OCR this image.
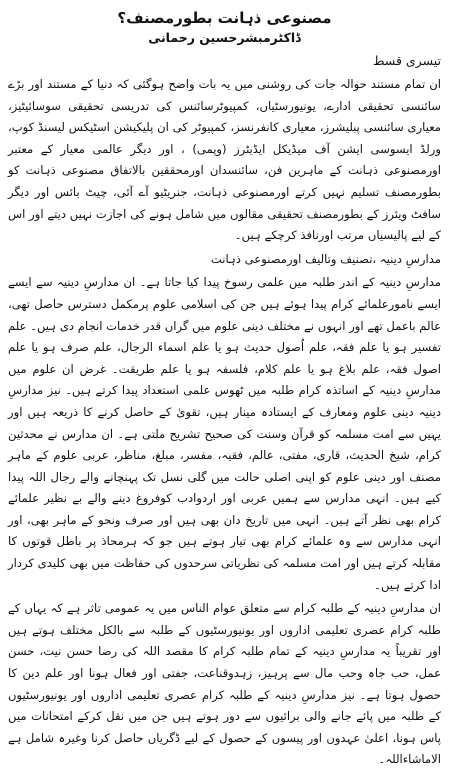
مصنوعی ذہانت بطورمصنف؟
ڈاکٹرمبشرحسین رحمانی
تیسری قسط

ان تمام مستند حوالہ جات کی روشنی میں یہ بات واضح ہوگئی کہ دنیا کے مستند اور بڑے سائنسی تحقیقی ادارے، یونیورسٹیاں، کمپیوٹرسائنس کی تدریسی تحقیقی سوسائیٹیز، معیاری سائنسی پبلیشرز، معیاری کانفرنسز، کمپیوٹر کی ان پلیکیشن اسٹیکس لیسنڈ کوپ، ورلڈ ایسوسی ایشن آف میڈیکل ایڈیٹرز (وپمی) ، اور دیگر عالمی معیار کے معتبر اورمصنوعی ذہانت کے ماہرین فن، سائنسدان اورمحققین بالاتفاق مصنوعی ذہانت کو بطورمصنف تسلیم نہیں کرتے اورمصنوعی ذہانت، جنریٹیو آے آئی، چیٹ بائس اور دیگر سافٹ ویئرز کے بطورمصنف تحقیقی مقالوں میں شامل ہونے کی اجازت نہیں دیتے اور اس کے لیے پالیسیاں مرتب اورنافذ کرچکے ہیں۔

مدارسِ دینیہ ،تصنیف وتالیف اورمصنوعی ذہانت

مدارسِ دینیہ کے اندر طلبہ میں علمی رسوخ پیدا کیا جاتا ہے۔ ان مدارسِ دینیہ سے ایسے ایسے نامورعلمائے کرام پیدا ہوئے ہیں جن کی اسلامی علوم پرمکمل دسترس حاصل تھی، عالم باعمل تھے اور انہوں نے مختلف دینی علوم میں گراں قدر خدمات انجام دی ہیں۔ علم تفسیر ہو یا علم فقہ، علم اُصول حدیث ہو یا علم اسماء الرجال، علم صرف ہو یا علم اصول فقہ، علم بلاغ ہو یا علم کلام، فلسفہ ہو یا علم طریقت۔ غرض ان علوم میں مدارسِ دینیہ کے اساتذہ کرام طلبہ میں ٹھوس علمی استعداد پیدا کرتے ہیں۔ نیز مدارسِ دینیہ دینی علوم ومعارف کے ایستادہ مینار ہیں، تقویٰ کے حاصل کرنے کا ذریعہ ہیں اور یہیں سے امت مسلمہ کو قرآن وسنت کی صحیح تشریح ملتی ہے۔ ان مدارس نے محدثین کرام، شیخ الحدیث، قاری، مفتی، عالم، فقیہ، مفسر، مبلغ، مناظر، عربی علوم کے ماہر مصنف اور دینی علوم کو اپنی اصلی حالت میں گلی نسل تک پہنچانے والے رجال اللہ پیدا کیے ہیں۔ انہی مدارس سے ہمیں عربی اور اردوادب کوفروغ دینے والے بے نظیر علمائے کرام بھی نظر آتے ہیں۔ انہی میں تاریخ دان بھی ہیں اور صرف ونحو کے ماہر بھی، اور انہی مدارس سے وہ علمائے کرام بھی تیار ہوتے ہیں جو کہ ہرمحاذ پر باطل قوتوں کا مقابلہ کرتے ہیں اور امت مسلمہ کی نظریاتی سرحدوں کی حفاظت میں بھی کلیدی کردار ادا کرتے ہیں۔

ان مدارسِ دینیہ کے طلبہ کرام سے متعلق عوام الناس میں یہ عمومی تاثر ہے کہ یہاں کے طلبہ کرام عصری تعلیمی اداروں اور یونیورسٹیوں کے طلبہ سے بالکل مختلف ہوتے ہیں اور تقریباً یہ مدارسِ دینیہ کے تمام طلبہ کرام کا مقصد اللہ کی رضا حسن نیت، حسن عمل، حب جاہ وحب مال سے پرہیز، زہدوقناعت، جفتی اور فعال ہونا اور علم دین کا حصول ہوتا ہے۔ نیز مدارسِ دینیہ کے طلبہ کرام عصری تعلیمی اداروں اور یونیورسٹیوں کے طلبہ میں پائے جانے والی برائیوں سے دور ہوتے ہیں جن میں نقل کرکے امتحانات میں پاس ہونا، اعلیٰ عہدوں اور پیسوں کے حصول کے لیے ڈگریاں حاصل کرنا وغیرہ شامل ہے الاماشاءاللہ۔
